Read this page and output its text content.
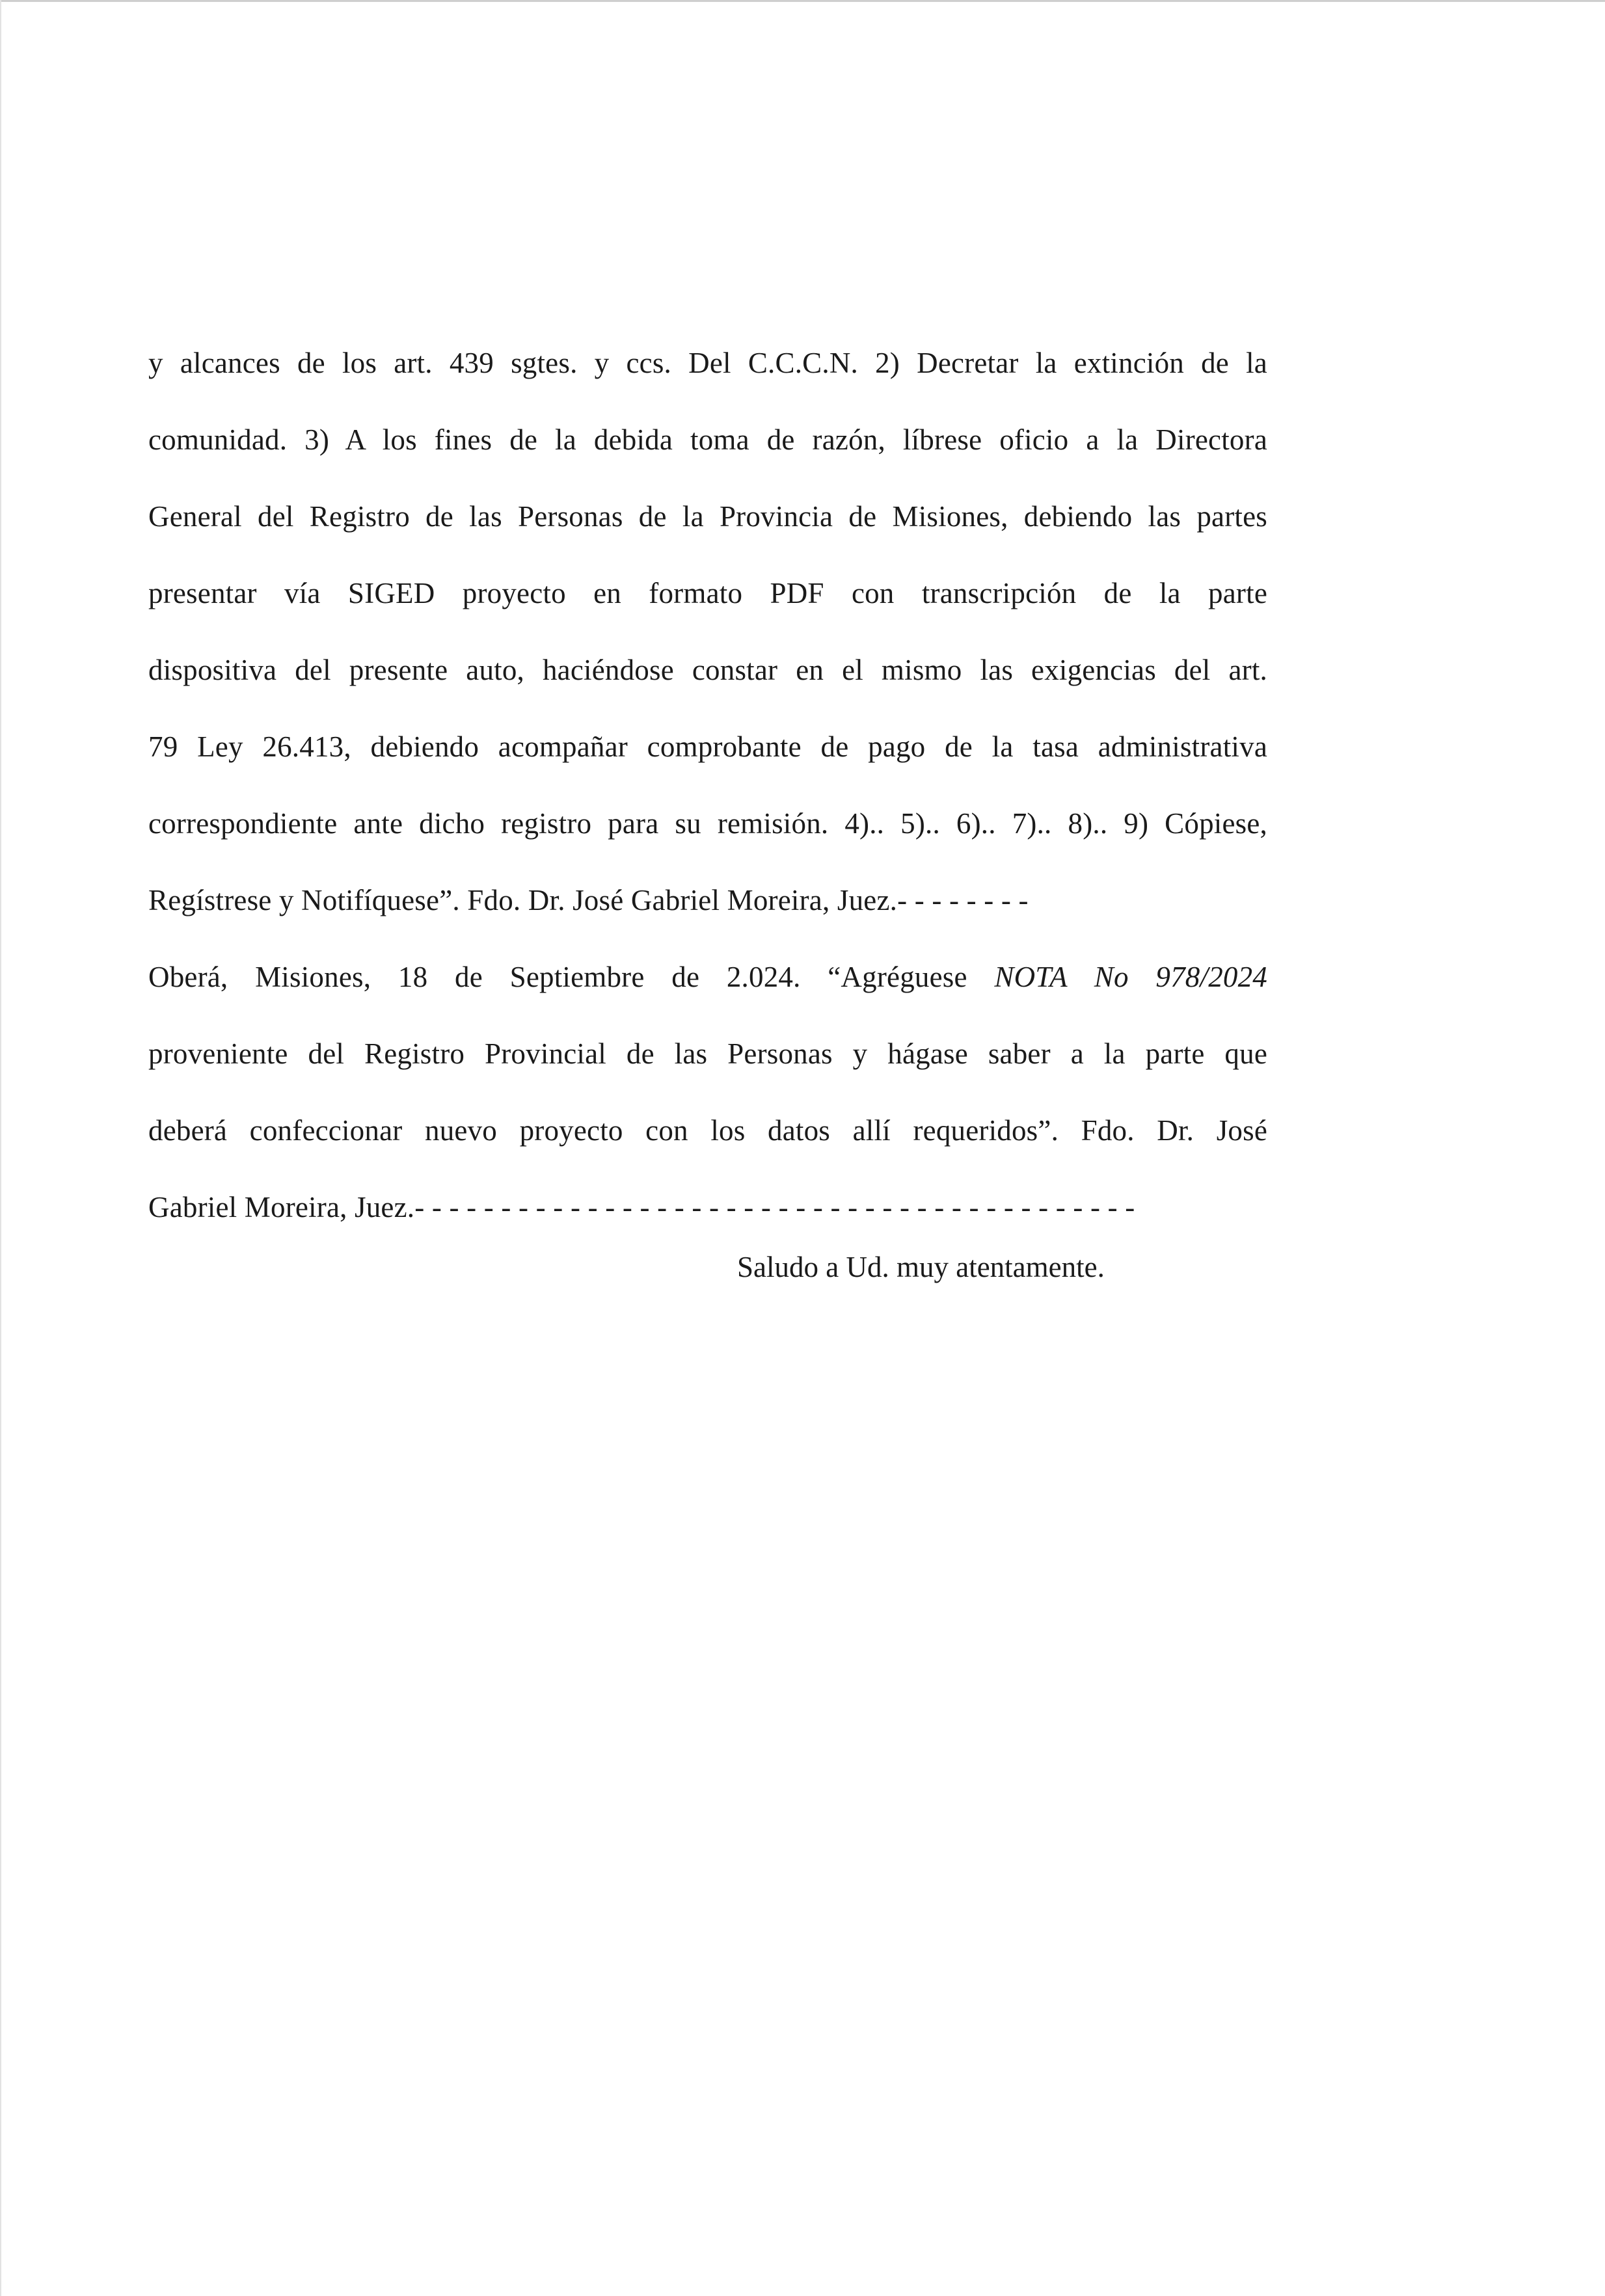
y alcances de los art. 439 sgtes. y ccs. Del C.C.C.N. 2) Decretar la extinción de la
comunidad. 3) A los fines de la debida toma de razón, líbrese oficio a la Directora
General del Registro de las Personas de la Provincia de Misiones, debiendo las partes
presentar vía SIGED proyecto en formato PDF con transcripción de la parte
dispositiva del presente auto, haciéndose constar en el mismo las exigencias del art.
79 Ley 26.413, debiendo acompañar comprobante de pago de la tasa administrativa
correspondiente ante dicho registro para su remisión. 4).. 5).. 6).. 7).. 8).. 9) Cópiese,
Regístrese y Notifíquese”. Fdo. Dr. José Gabriel Moreira, Juez.- - - - - - - -
Oberá, Misiones, 18 de Septiembre de 2.024. “Agréguese NOTA No 978/2024
proveniente del Registro Provincial de las Personas y hágase saber a la parte que
deberá confeccionar nuevo proyecto con los datos allí requeridos”. Fdo. Dr. José
Gabriel Moreira, Juez.- - - - - - - - - - - - - - - - - - - - - - - - - - - - - - - - - - - - - - - - - -
Saludo a Ud. muy atentamente.
